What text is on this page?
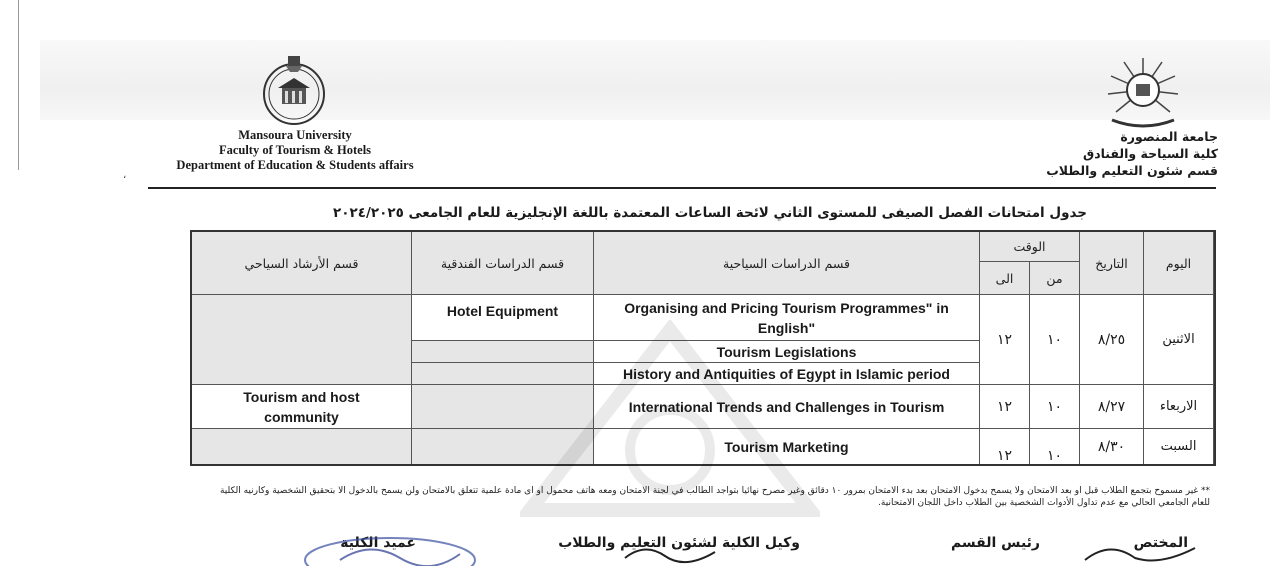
،
Mansoura University
Faculty of Tourism & Hotels
Department of Education & Students affairs
جامعة المنصورة
كلية السياحة والفنادق
قسم شئون التعليم والطلاب
جدول امتحانات الفصل الصيفى للمستوى الثاني لائحة الساعات المعتمدة باللغة الإنجليزية للعام الجامعى ٢٠٢٤/٢٠٢٥
اليوم
التاريخ
الوقت
من
الى
قسم الدراسات السياحية
قسم الدراسات الفندقية
قسم الأرشاد السياحي
الاثنين
٨/٢٥
١٠
١٢
Organising and Pricing Tourism Programmes" in English"
Tourism Legislations
History and Antiquities of Egypt in Islamic period
Hotel Equipment
الاربعاء
٨/٢٧
١٠
١٢
International Trends and Challenges in Tourism
Tourism and host community
السبت
٨/٣٠
١٠
١٢
Tourism Marketing
** غير مسموح بتجمع الطلاب قبل او بعد الامتحان ولا يسمح بدخول الامتحان بعد بدء الامتحان بمرور ١٠ دقائق وغير مصرح نهائيا بتواجد الطالب في لجنة الامتحان ومعه هاتف محمول او اى مادة علمية تتعلق بالامتحان ولن يسمح بالدخول الا بتحقيق الشخصية وكارنيه الكلية للعام الجامعي الحالي مع عدم تداول الأدوات الشخصية بين الطلاب داخل اللجان الامتحانية.
المختص
رئيس القسم
وكيل الكلية لشئون التعليم والطلاب
عميد الكلية
